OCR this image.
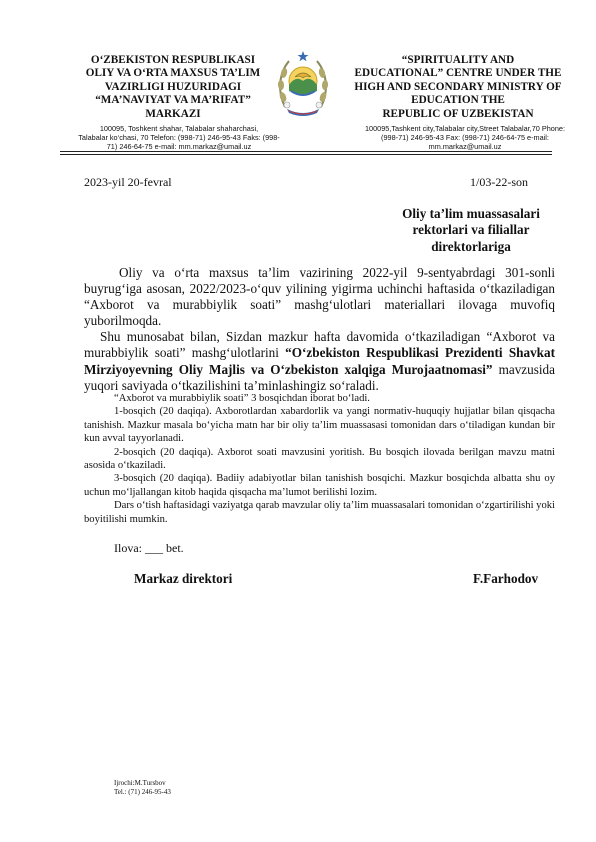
O‘ZBEKISTON RESPUBLIKASI
OLIY VA O‘RTA MAXSUS TA’LIM
VAZIRLIGI HUZURIDAGI
“MA’NAVIYAT VA MA’RIFAT”
MARKAZI
“SPIRITUALITY AND
EDUCATIONAL” CENTRE UNDER THE
HIGH AND SECONDARY MINISTRY OF
EDUCATION THE
REPUBLIC OF UZBEKISTAN
100095, Toshkent shahar, Talabalar shaharchasi,
Talabalar ko‘chasi, 70 Telefon: (998-71) 246-95-43 Faks: (998-
71) 246-64-75 e-mail: mm.markaz@umail.uz
100095,Tashkent city,Talabalar city,Street Talabalar,70 Phone:
(998-71) 246-95-43 Fax: (998-71) 246-64-75 e-mail:
mm.markaz@umail.uz
2023-yil 20-fevral	1/03-22-son
Oliy ta’lim muassasalari
rektorlari va filiallar
direktorlariga

Oliy va o‘rta maxsus ta’lim vazirining 2022-yil 9-sentyabrdagi 301-sonli buyrug‘iga asosan, 2022/2023-o‘quv yilining yigirma uchinchi haftasida o‘tkaziladigan “Axborot va murabbiylik soati” mashg‘ulotlari materiallari ilovaga muvofiq yuborilmoqda.

Shu munosabat bilan, Sizdan mazkur hafta davomida o‘tkaziladigan “Axborot va murabbiylik soati” mashg‘ulotlarini “O‘zbekiston Respublikasi Prezidenti Shavkat Mirziyoyevning Oliy Majlis va O‘zbekiston xalqiga Murojaatnomasi” mavzusida yuqori saviyada o‘tkazilishini ta’minlashingiz so‘raladi.

“Axborot va murabbiylik soati” 3 bosqichdan iborat bo‘ladi.

1-bosqich (20 daqiqa). Axborotlardan xabardorlik va yangi normativ-huquqiy hujjatlar bilan qisqacha tanishish. Mazkur masala bo‘yicha matn har bir oliy ta’lim muassasasi tomonidan dars o‘tiladigan kundan bir kun avval tayyorlanadi.

2-bosqich (20 daqiqa). Axborot soati mavzusini yoritish. Bu bosqich ilovada berilgan mavzu matni asosida o‘tkaziladi.

3-bosqich (20 daqiqa). Badiiy adabiyotlar bilan tanishish bosqichi. Mazkur bosqichda albatta shu oy uchun mo‘ljallangan kitob haqida qisqacha ma’lumot berilishi lozim.

Dars o‘tish haftasidagi vaziyatga qarab mavzular oliy ta’lim muassasalari tomonidan o‘zgartirilishi yoki boyitilishi mumkin.

Ilova: ___ bet.
Markaz direktori	F.Farhodov
Ijrochi:M.Tursbov
Tel.: (71) 246-95-43
